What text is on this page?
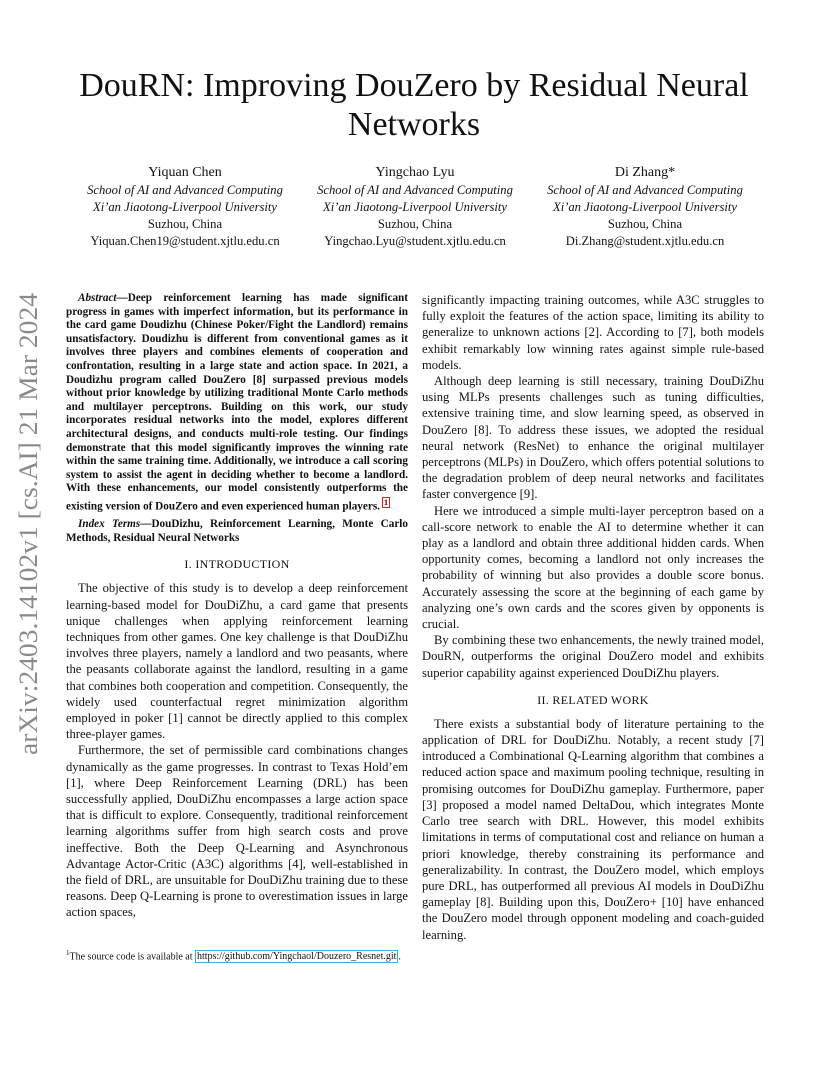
arXiv:2403.14102v1 [cs.AI] 21 Mar 2024
DouRN: Improving DouZero by Residual Neural Networks
Yiquan Chen
School of AI and Advanced Computing
Xi’an Jiaotong-Liverpool University
Suzhou, China
Yiquan.Chen19@student.xjtlu.edu.cn
Yingchao Lyu
School of AI and Advanced Computing
Xi’an Jiaotong-Liverpool University
Suzhou, China
Yingchao.Lyu@student.xjtlu.edu.cn
Di Zhang*
School of AI and Advanced Computing
Xi’an Jiaotong-Liverpool University
Suzhou, China
Di.Zhang@student.xjtlu.edu.cn

Abstract—Deep reinforcement learning has made significant progress in games with imperfect information, but its performance in the card game Doudizhu (Chinese Poker/Fight the Landlord) remains unsatisfactory. Doudizhu is different from conventional games as it involves three players and combines elements of cooperation and confrontation, resulting in a large state and action space. In 2021, a Doudizhu program called DouZero [8] surpassed previous models without prior knowledge by utilizing traditional Monte Carlo methods and multilayer perceptrons. Building on this work, our study incorporates residual networks into the model, explores different architectural designs, and conducts multi-role testing. Our findings demonstrate that this model significantly improves the winning rate within the same training time. Additionally, we introduce a call scoring system to assist the agent in deciding whether to become a landlord. With these enhancements, our model consistently outperforms the existing version of DouZero and even experienced human players. $^1$

Index Terms—DouDizhu, Reinforcement Learning, Monte Carlo Methods, Residual Neural Networks

I. INTRODUCTION

The objective of this study is to develop a deep reinforcement learning-based model for DouDiZhu, a card game that presents unique challenges when applying reinforcement learning techniques from other games. One key challenge is that DouDiZhu involves three players, namely a landlord and two peasants, where the peasants collaborate against the landlord, resulting in a game that combines both cooperation and competition. Consequently, the widely used counterfactual regret minimization algorithm employed in poker [1] cannot be directly applied to this complex three-player games.

Furthermore, the set of permissible card combinations changes dynamically as the game progresses. In contrast to Texas Hold’em [1], where Deep Reinforcement Learning (DRL) has been successfully applied, DouDiZhu encompasses a large action space that is difficult to explore. Consequently, traditional reinforcement learning algorithms suffer from high search costs and prove ineffective. Both the Deep Q-Learning and Asynchronous Advantage Actor-Critic (A3C) algorithms [4], well-established in the field of DRL, are unsuitable for DouDiZhu training due to these reasons. Deep Q-Learning is prone to overestimation issues in large action spaces,

significantly impacting training outcomes, while A3C struggles to fully exploit the features of the action space, limiting its ability to generalize to unknown actions [2]. According to [7], both models exhibit remarkably low winning rates against simple rule-based models.

Although deep learning is still necessary, training DouDiZhu using MLPs presents challenges such as tuning difficulties, extensive training time, and slow learning speed, as observed in DouZero [8]. To address these issues, we adopted the residual neural network (ResNet) to enhance the original multilayer perceptrons (MLPs) in DouZero, which offers potential solutions to the degradation problem of deep neural networks and facilitates faster convergence [9].

Here we introduced a simple multi-layer perceptron based on a call-score network to enable the AI to determine whether it can play as a landlord and obtain three additional hidden cards. When opportunity comes, becoming a landlord not only increases the probability of winning but also provides a double score bonus. Accurately assessing the score at the beginning of each game by analyzing one’s own cards and the scores given by opponents is crucial.

By combining these two enhancements, the newly trained model, DouRN, outperforms the original DouZero model and exhibits superior capability against experienced DouDiZhu players.

II. RELATED WORK

There exists a substantial body of literature pertaining to the application of DRL for DouDiZhu. Notably, a recent study [7] introduced a Combinational Q-Learning algorithm that combines a reduced action space and maximum pooling technique, resulting in promising outcomes for DouDiZhu gameplay. Furthermore, paper [3] proposed a model named DeltaDou, which integrates Monte Carlo tree search with DRL. However, this model exhibits limitations in terms of computational cost and reliance on human a priori knowledge, thereby constraining its performance and generalizability. In contrast, the DouZero model, which employs pure DRL, has outperformed all previous AI models in DouDiZhu gameplay [8]. Building upon this, DouZero+ [10] have enhanced the DouZero model through opponent modeling and coach-guided learning.

$^1$The source code is available at https://github.com/Yingchaol/Douzero_Resnet.git .
